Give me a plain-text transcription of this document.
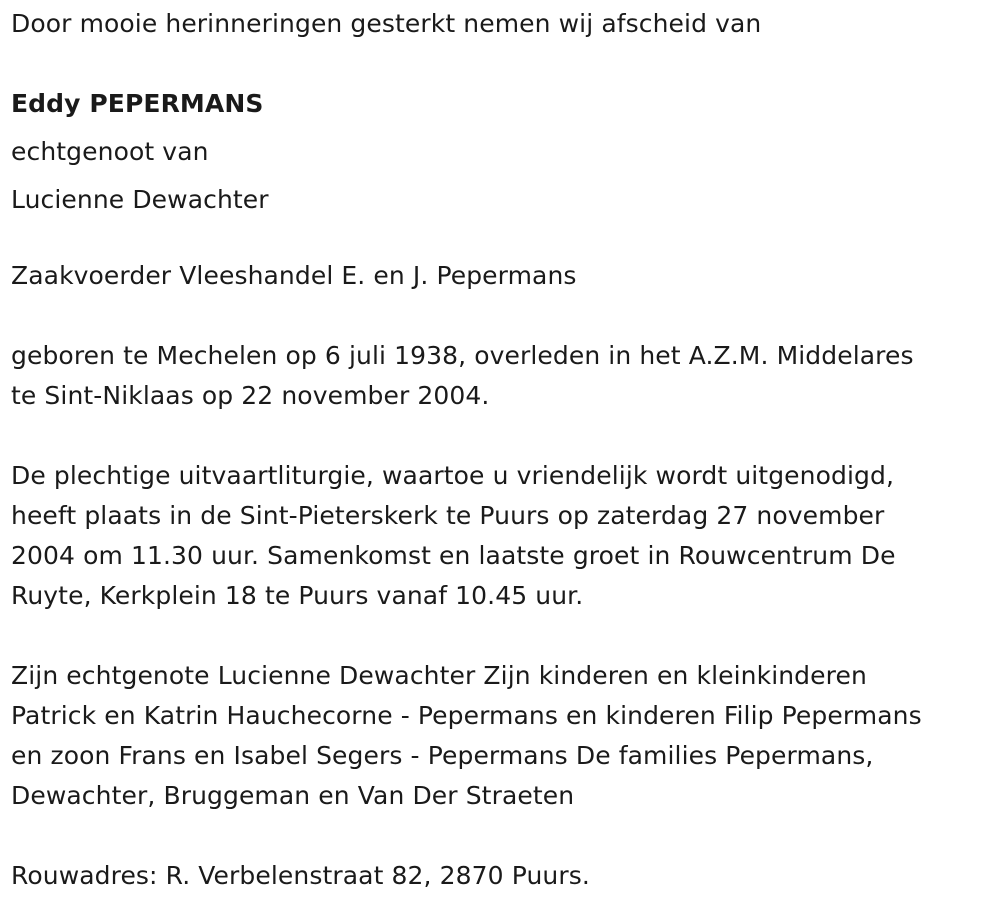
Door mooie herinneringen gesterkt nemen wij afscheid van
Eddy PEPERMANS
echtgenoot van
Lucienne Dewachter
Zaakvoerder Vleeshandel E. en J. Pepermans
geboren te Mechelen op 6 juli 1938, overleden in het A.Z.M. Middelares
te Sint-Niklaas op 22 november 2004.
De plechtige uitvaartliturgie, waartoe u vriendelijk wordt uitgenodigd,
heeft plaats in de Sint-Pieterskerk te Puurs op zaterdag 27 november
2004 om 11.30 uur. Samenkomst en laatste groet in Rouwcentrum De
Ruyte, Kerkplein 18 te Puurs vanaf 10.45 uur.
Zijn echtgenote Lucienne Dewachter Zijn kinderen en kleinkinderen
Patrick en Katrin Hauchecorne - Pepermans en kinderen Filip Pepermans
en zoon Frans en Isabel Segers - Pepermans De families Pepermans,
Dewachter, Bruggeman en Van Der Straeten
Rouwadres: R. Verbelenstraat 82, 2870 Puurs.
